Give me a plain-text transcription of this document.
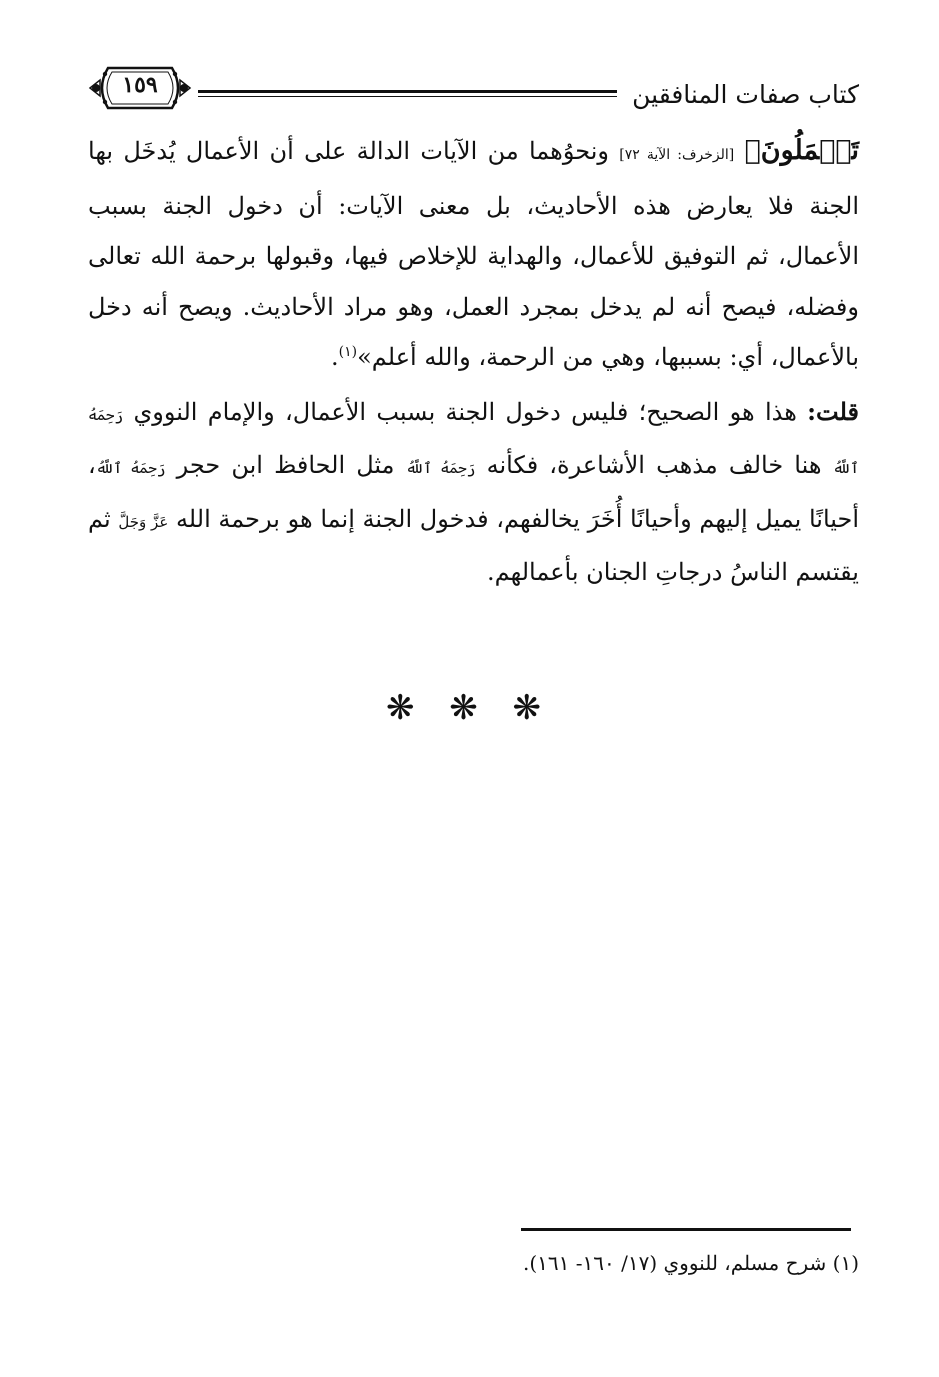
كتاب صفات المنافقين
١٥٩

تَعۡمَلُونَ﴾ [الزخرف: الآية ٧٢] ونحوُهما من الآيات الدالة على أن الأعمال يُدخَل بها الجنة فلا يعارض هذه الأحاديث، بل معنى الآيات: أن دخول الجنة بسبب الأعمال، ثم التوفيق للأعمال، والهداية للإخلاص فيها، وقبولها برحمة الله تعالى وفضله، فيصح أنه لم يدخل بمجرد العمل، وهو مراد الأحاديث. ويصح أنه دخل بالأعمال، أي: بسببها، وهي من الرحمة، والله أعلم»$^{(١)}$.

قلت: هذا هو الصحيح؛ فليس دخول الجنة بسبب الأعمال، والإمام النووي رَحِمَهُ ٱللَّهُ هنا خالف مذهب الأشاعرة، فكأنه رَحِمَهُ ٱللَّهُ مثل الحافظ ابن حجر رَحِمَهُ ٱللَّهُ، أحيانًا يميل إليهم وأحيانًا أُخَرَ يخالفهم، فدخول الجنة إنما هو برحمة الله عَزَّ وَجَلَّ ثم يقتسم الناسُ درجاتِ الجنان بأعمالهم.

❋ ❋ ❋
(١) شرح مسلم، للنووي (١٧/ ١٦٠- ١٦١).
